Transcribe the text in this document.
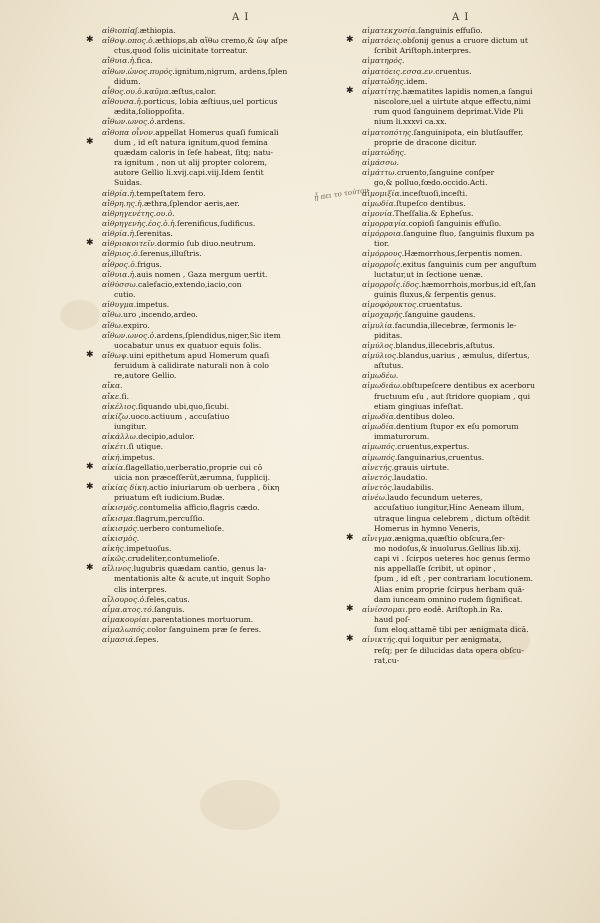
A I	A I
ᾖ πει το τούτου
αἰθιοπίαʃ.æthiopia.
✱ αἴθοψ.οπος.ὁ.æthiops,ab αἴθω cremo,& ὤψ aſpe
ctus,quod ſolis uicinitate torreatur.
αἴθυια.ἡ.fica.
αἴθων.ὠνος.πυρός.ignitum,nigrum, ardens,ſplen
didum.
αἶθος.ου.ὁ.καῦμα.æſtus,calor.
αἴθουσα.ἡ.porticus, lobia æſtiuus,uel porticus
ædita,ſolioppoſita.
αἴθων.ωνος.ὁ.ardens.
αἴθοπα οἶνον.appellat Homerus quaſi fumicali
✱	dum , id eſt natura ignitum,quod femina
quædam caloris in ſeſe habeat, ſitq; natu-
ra ignitum , non ut alij propter colorem,
autore Gellio li.xvij.capi.viij.Idem ſentit
Suidas.
αἰθρία.ἡ.tempeſtatem fero.
αἴθρη.ης.ἡ.æthra,ſplendor aeris,aer.
αἰθρηγενέτης.ου.ὁ.
αἰθρηγενὴς.έος.ὁ.ἡ.ſerenificus,ſudificus.
αἰθρία.ἡ.ſerenitas.
✱ αἰθριοκοιτεῖν.dormio ſub diuo.neutrum.
αἴθριος.ὁ.ſerenus,illuſtris.
αἶθρος.ὁ.frigus.
αἴθυια.ἡ.auis nomen , Gaza mergum uertit.
αἰθύσσω.calefacio,extendo,iacio,con
cutio.
αἰθυγμα.impetus.
αἴθω.uro ,incendo,ardeo.
αἴθω.expiro.
αἴθων.ωνος.ὁ.ardens,ſplendidus,niger,Sic item
uocabatur unus ex quatuor equis ſolis.
✱ αἴθωψ.uini epithetum apud Homerum quaſi
feruidum à calidirate naturali non à colo
re,autore Gellio.
αἴκα.
αἴκε.ſi.
αἰκέλιος.ſiquando ubi,quo,ſicubi.
αἰκίζω.uoco.actiuum , accuſatiuo
iungitur.
αἰκάλλω.decipio,adulor.
αἰκέτι.ſi utique.
αἰκή.impetus.
✱ αἰκία.flagellatio,uerberatio,proprie cui cō
uicia non præceſſerūt,ærumna, ſupplicij.
✱ αἰκίας δίκη.actio iniuriarum ob uerbera , δίκη
priuatum eſt iudicium.Budæ.
αἰκισμός.contumelia afficio,flagris cædo.
αἴκισμα.flagrum,percuſſio.
αἰκισμός.uerbero contumelioſe.
αἰκισμὸς.
αἰκὴς.impetuoſus.
αἰκῶς.crudeliter,contumelioſe.
✱ αἴλινος.lugubris quædam cantio, genus la-
mentationis alte & acute,ut inquit Sopho
clis interpres.
αἴλουρος.ὁ.feles,catus.
αἷμα.ατος.τό.ſanguis.
αἱμακουρίαι.parentationes mortuorum.
αἱμαλωπός.color ſanguinem præ ſe feres.
αἱμασιά.ſepes.
αἱματεκχυσία.ſanguinis effuſio.
✱ αἱματόεις.obſonij genus a cruore dictum ut
ſcribit Ariſtoph.interpres.
αἱματηρός.
αἱματόεις.εσσα.εν.cruentus.
αἱματώδης.idem.
✱ αἱματίτης.hæmatites lapidis nomen,a ſangui
niscolore,uel a uirtute atque effectu,nimi
rum quod ſanguinem deprimat.Vide Pli
nium li.xxxvi ca.xx.
αἱματοπότης.ſanguinipota, ein blutſauffer,
proprie de dracone dicitur.
αἱματώδης.
αἱμάσσω.
αἱμάττω.cruento,ſanguine conſper
go,& polluo,fœdo.occido.Acti.
αἱμομιξία.inceſtuoſi,inceſti.
αἱμωδία.ſtupeſco dentibus.
αἱμονία.Theſſalia.& Epheſus.
αἱμορραγία.copioſi ſanguinis effuſio.
αἱμόρροια.ſanguine fluo, ſanguinis fluxum pa
tior.
αἱμόρρους.Hæmorrhous,ſerpentis nomen.
αἱμορροΐς.exitus ſanguinis cum per anguſtum
luctatur,ut in ſectione uenæ.
αἱμορροΐς.ίδος.hæmorrhois,morbus,id eſt,ſan
guinis fluxus,& ſerpentis genus.
αἱμοφόρυκτος.cruentatus.
αἱμοχαρής.ſanguine gaudens.
αἱμυλία.facundia,illecebræ, ſermonis le-
piditas.
αἱμύλος.blandus,illecebris,aſtutus.
αἱμύλιος.blandus,uarius , æmulus, diſertus,
aſtutus.
αἱμωδέω.
αἱμωδιάω.obſtupeſcere dentibus ex acerboru
fructuum eſu , aut ſtridore quopiam , qui
etiam gingiuas infeſtat.
αἱμωδία.dentibus doleo.
αἱμωδία.dentium ſtupor ex eſu pomorum
immaturorum.
αἱμωπός.cruentus,expertus.
αἱμωπός.ſanguinarius,cruentus.
αἰνετής.grauis uirtute.
αἰνετός.laudatio.
αἰνετὸς.laudabilis.
αἰνέω.laudo fecundum ueteres,
accuſatiuo iungitur,Hinc Aeneam illum,
utraque lingua celebrem , dictum oſtēdit
Homerus in hymno Veneris,
✱ αἴνιγμα.ænigma,quæſtio obſcura,ſer-
mo nodoſus,& inuolurus.Gellius lib.xij.
capi vi . ſcirpos ueteres hoc genus ſermo
nis appellaſſe ſcribit, ut opinor ,
ſpum , id eſt , per contrariam locutionem.
Alias enim proprie ſcirpus herbam quā-
dam iunceam omnino rudem ſignificat.
✱ αἰνίσσομαι.pro eodē. Ariſtoph.in Ra.
haud poſ-
ſum eloq.attamē tibi per ænigmata dicā.
✱ αἰνικτής.qui loquitur per ænigmata,
reſq; per ſe dilucidas data opera obſcu-
rat,cu-
